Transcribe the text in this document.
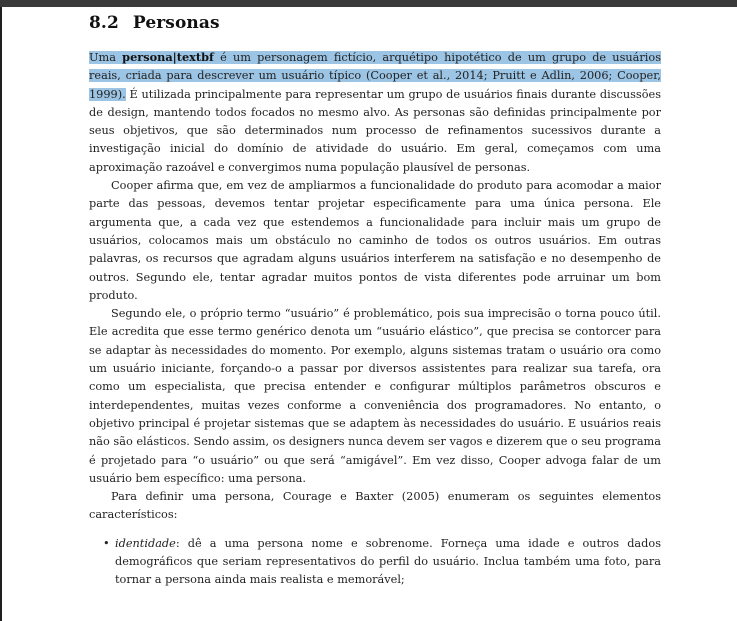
8.2 Personas

Uma persona|textbf é um personagem fictício, arquétipo hipotético de um grupo de usuários reais, criada para descrever um usuário típico (Cooper et al., 2014; Pruitt e Adlin, 2006; Cooper, 1999). É utilizada principalmente para representar um grupo de usuários finais durante discussões de design, mantendo todos focados no mesmo alvo. As personas são definidas principalmente por seus objetivos, que são determinados num processo de refinamentos sucessivos durante a investigação inicial do domínio de atividade do usuário. Em geral, começamos com uma aproximação razoável e convergimos numa população plausível de personas.

Cooper afirma que, em vez de ampliarmos a funcionalidade do produto para acomodar a maior parte das pessoas, devemos tentar projetar especificamente para uma única persona. Ele argumenta que, a cada vez que estendemos a funcionalidade para incluir mais um grupo de usuários, colocamos mais um obstáculo no caminho de todos os outros usuários. Em outras palavras, os recursos que agradam alguns usuários interferem na satisfação e no desempenho de outros. Segundo ele, tentar agradar muitos pontos de vista diferentes pode arruinar um bom produto.

Segundo ele, o próprio termo “usuário” é problemático, pois sua imprecisão o torna pouco útil. Ele acredita que esse termo genérico denota um “usuário elástico”, que precisa se contorcer para se adaptar às necessidades do momento. Por exemplo, alguns sistemas tratam o usuário ora como um usuário iniciante, forçando-o a passar por diversos assistentes para realizar sua tarefa, ora como um especialista, que precisa entender e configurar múltiplos parâmetros obscuros e interdependentes, muitas vezes conforme a conveniência dos programadores. No entanto, o objetivo principal é projetar sistemas que se adaptem às necessidades do usuário. E usuários reais não são elásticos. Sendo assim, os designers nunca devem ser vagos e dizerem que o seu programa é projetado para “o usuário” ou que será “amigável”. Em vez disso, Cooper advoga falar de um usuário bem específico: uma persona.

Para definir uma persona, Courage e Baxter (2005) enumeram os seguintes elementos característicos:

• identidade: dê a uma persona nome e sobrenome. Forneça uma idade e outros dados demográficos que seriam representativos do perfil do usuário. Inclua também uma foto, para tornar a persona ainda mais realista e memorável;
